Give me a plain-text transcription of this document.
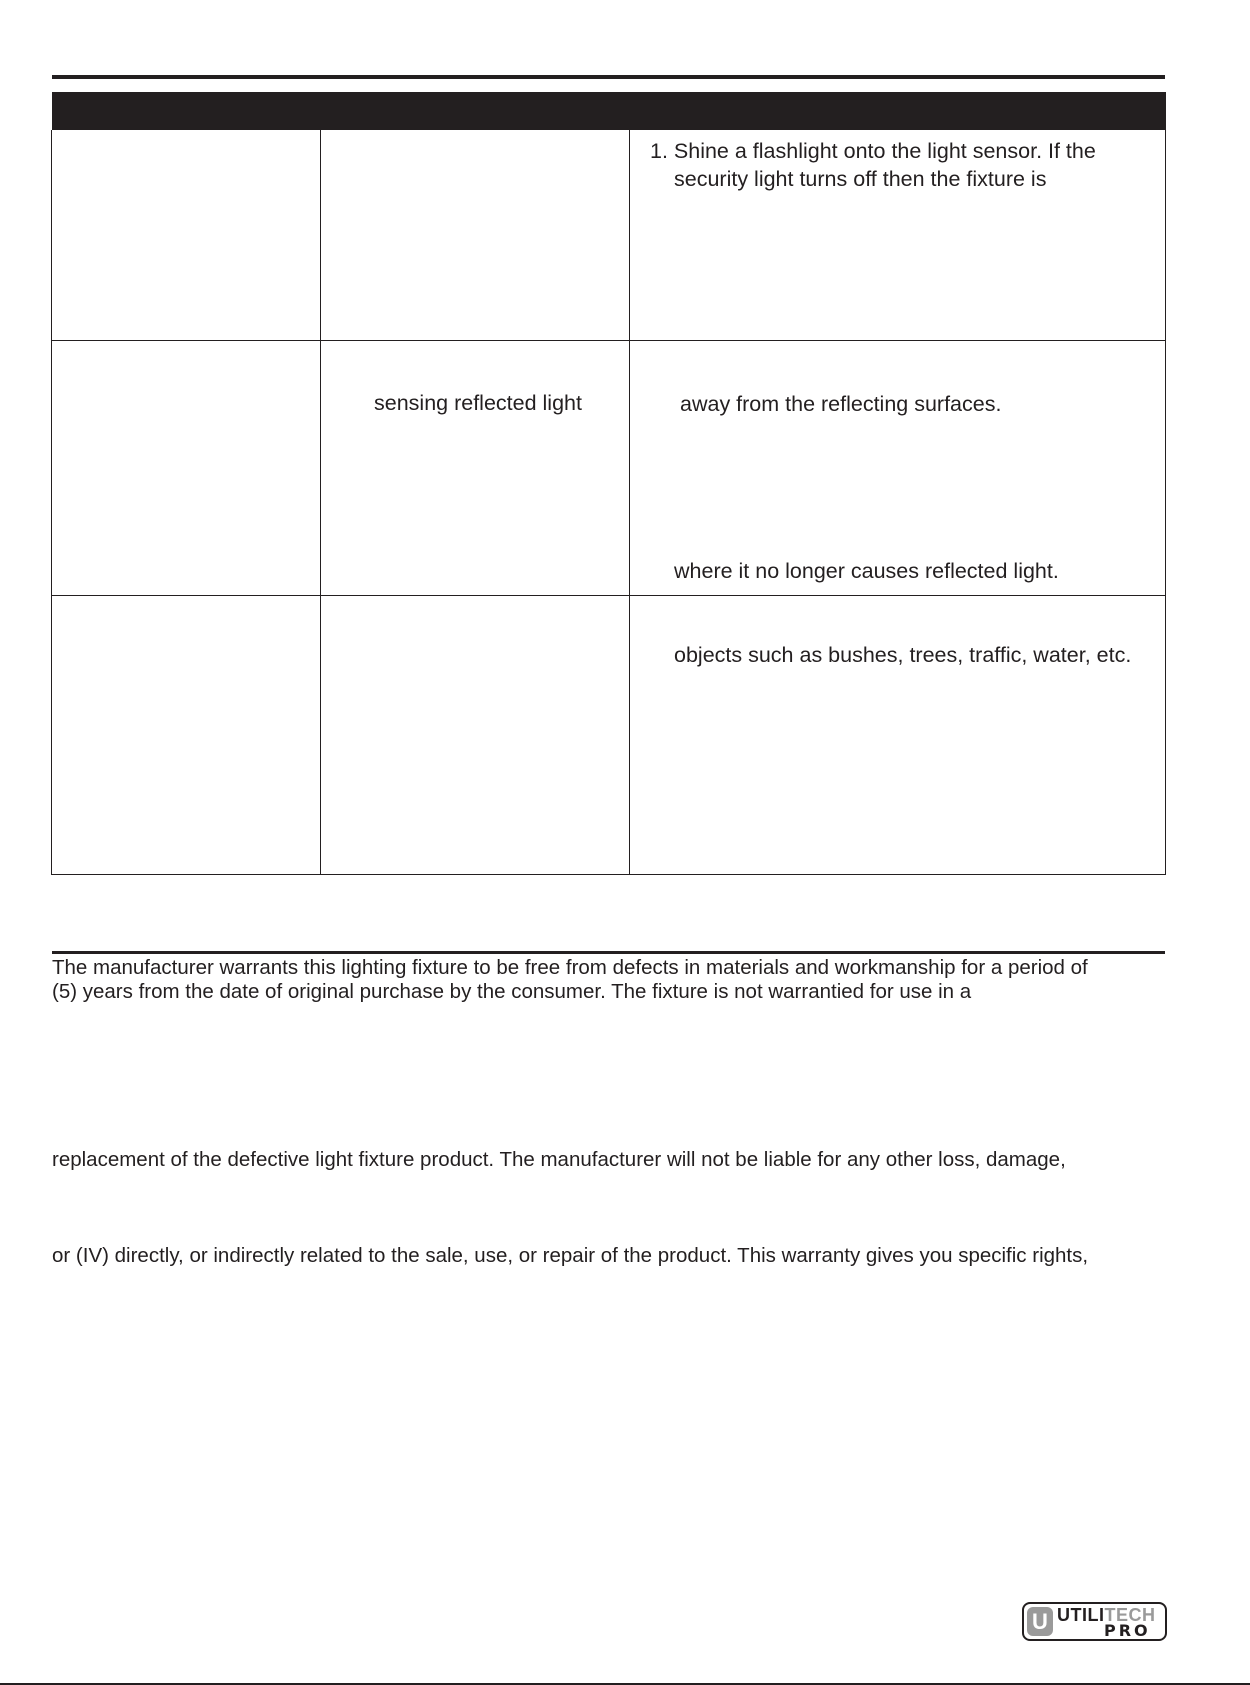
1. Shine a flashlight onto the light sensor. If the
security light turns off then the fixture is
sensing reflected light	away from the reflecting surfaces.
where it no longer causes reflected light.
objects such as bushes, trees, traffic, water, etc.
The manufacturer warrants this lighting fixture to be free from defects in materials and workmanship for a period of
(5) years from the date of original purchase by the consumer. The fixture is not warrantied for use in a
replacement of the defective light fixture product. The manufacturer will not be liable for any other loss, damage,
or (IV) directly, or indirectly related to the sale, use, or repair of the product. This warranty gives you specific rights,
U UTILITECH
PRO
